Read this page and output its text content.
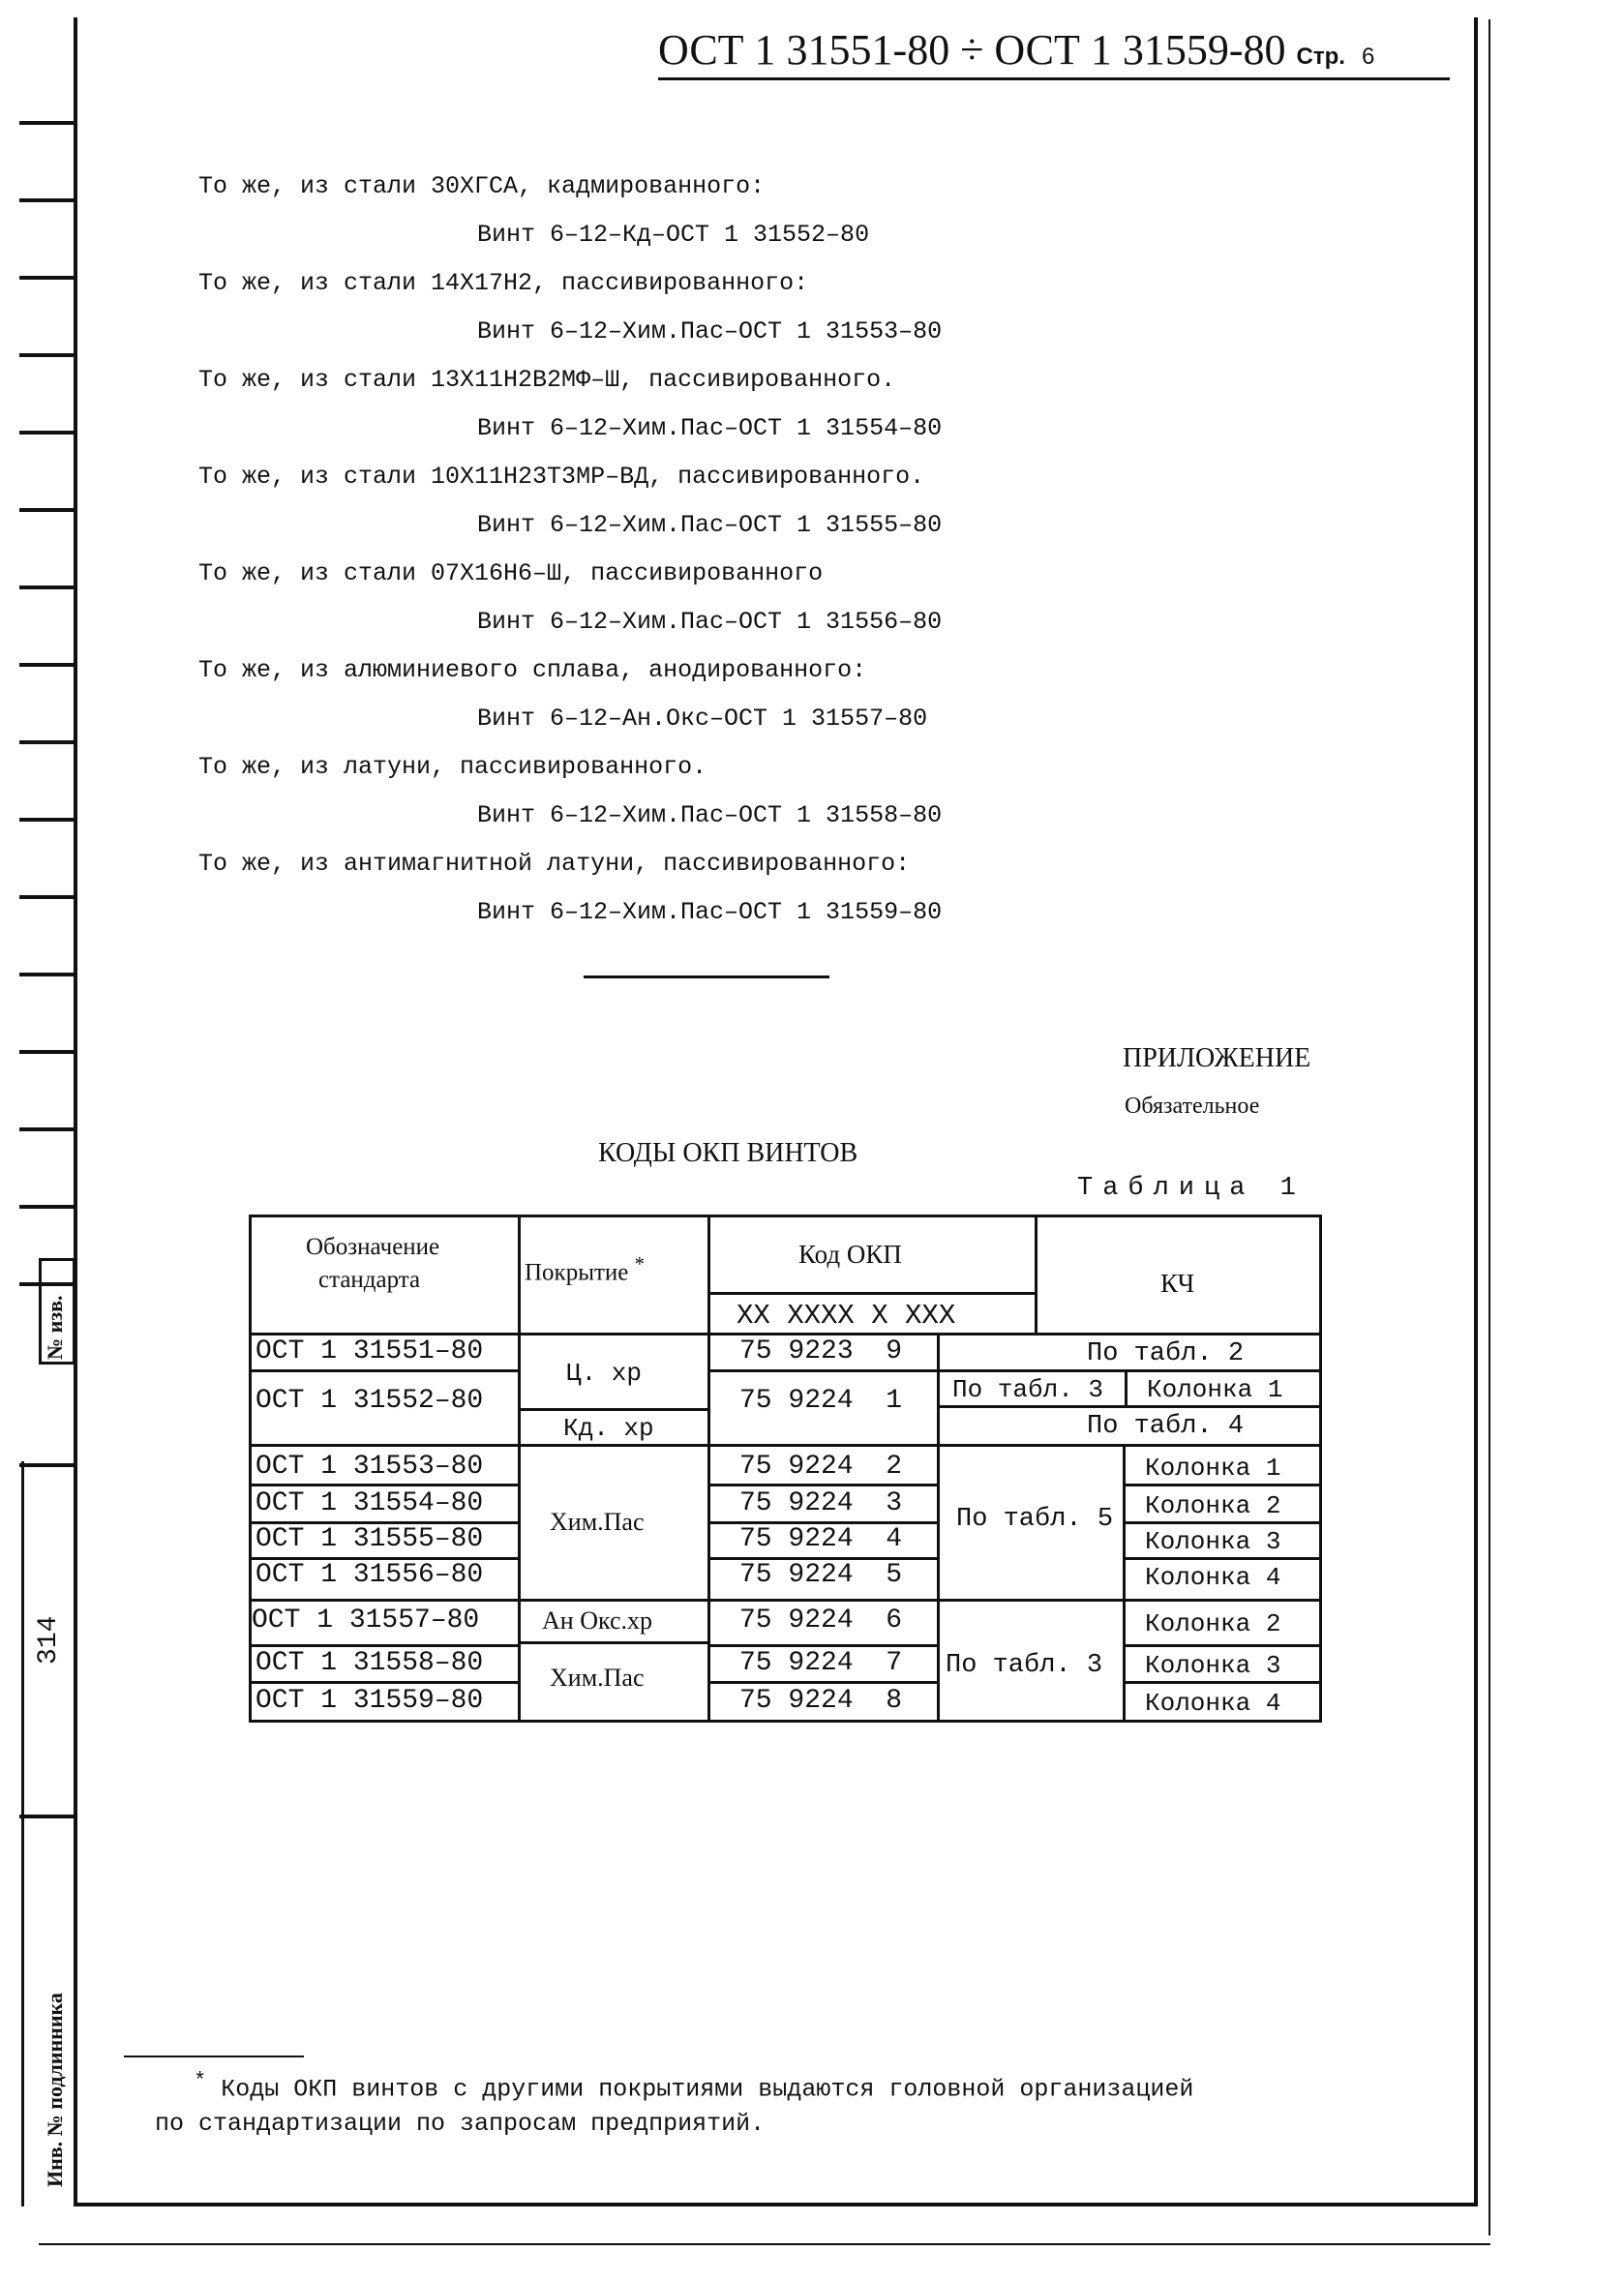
№ изв.
314
Инв. № подлинника
ОСТ 1 31551-80 ÷ ОСТ 1 31559-80 Стр. 6
То же, из стали 30ХГСА, кадмированного:
Винт 6–12–Кд–ОСТ 1 31552–80
То же, из стали 14Х17Н2, пассивированного:
Винт 6–12–Хим.Пас–ОСТ 1 31553–80
То же, из стали 13Х11Н2В2МФ–Ш, пассивированного.
Винт 6–12–Хим.Пас–ОСТ 1 31554–80
То же, из стали 10Х11Н23Т3МР–ВД, пассивированного.
Винт 6–12–Хим.Пас–ОСТ 1 31555–80
То же, из стали 07Х16Н6–Ш, пассивированного
Винт 6–12–Хим.Пас–ОСТ 1 31556–80
То же, из алюминиевого сплава, анодированного:
Винт 6–12–Ан.Окс–ОСТ 1 31557–80
То же, из латуни, пассивированного.
Винт 6–12–Хим.Пас–ОСТ 1 31558–80
То же, из антимагнитной латуни, пассивированного:
Винт 6–12–Хим.Пас–ОСТ 1 31559–80
ПРИЛОЖЕНИЕ
Обязательное
КОДЫ ОКП ВИНТОВ
Таблица 1
Обозначение
стандарта	Покрытие *	Код ОКП
XX XXXX X XXX
КЧ
ОСТ 1 31551–80
ОСТ 1 31552–80
ОСТ 1 31553–80
ОСТ 1 31554–80
ОСТ 1 31555–80
ОСТ 1 31556–80
ОСТ 1 31557–80
ОСТ 1 31558–80
ОСТ 1 31559–80
Ц. хр
Кд. хр
Хим.Пас
Ан Окс.хр
Хим.Пас
75 9223  9
75 9224  1
75 9224  2
75 9224  3
75 9224  4
75 9224  5
75 9224  6
75 9224  7
75 9224  8
По табл. 2
По табл. 3 Колонка 1
По табл. 4
По табл. 5
Колонка 1
Колонка 2
Колонка 3
Колонка 4
По табл. 3
Колонка 2
Колонка 3
Колонка 4
* Коды ОКП винтов с другими покрытиями выдаются головной организацией
по стандартизации по запросам предприятий.
